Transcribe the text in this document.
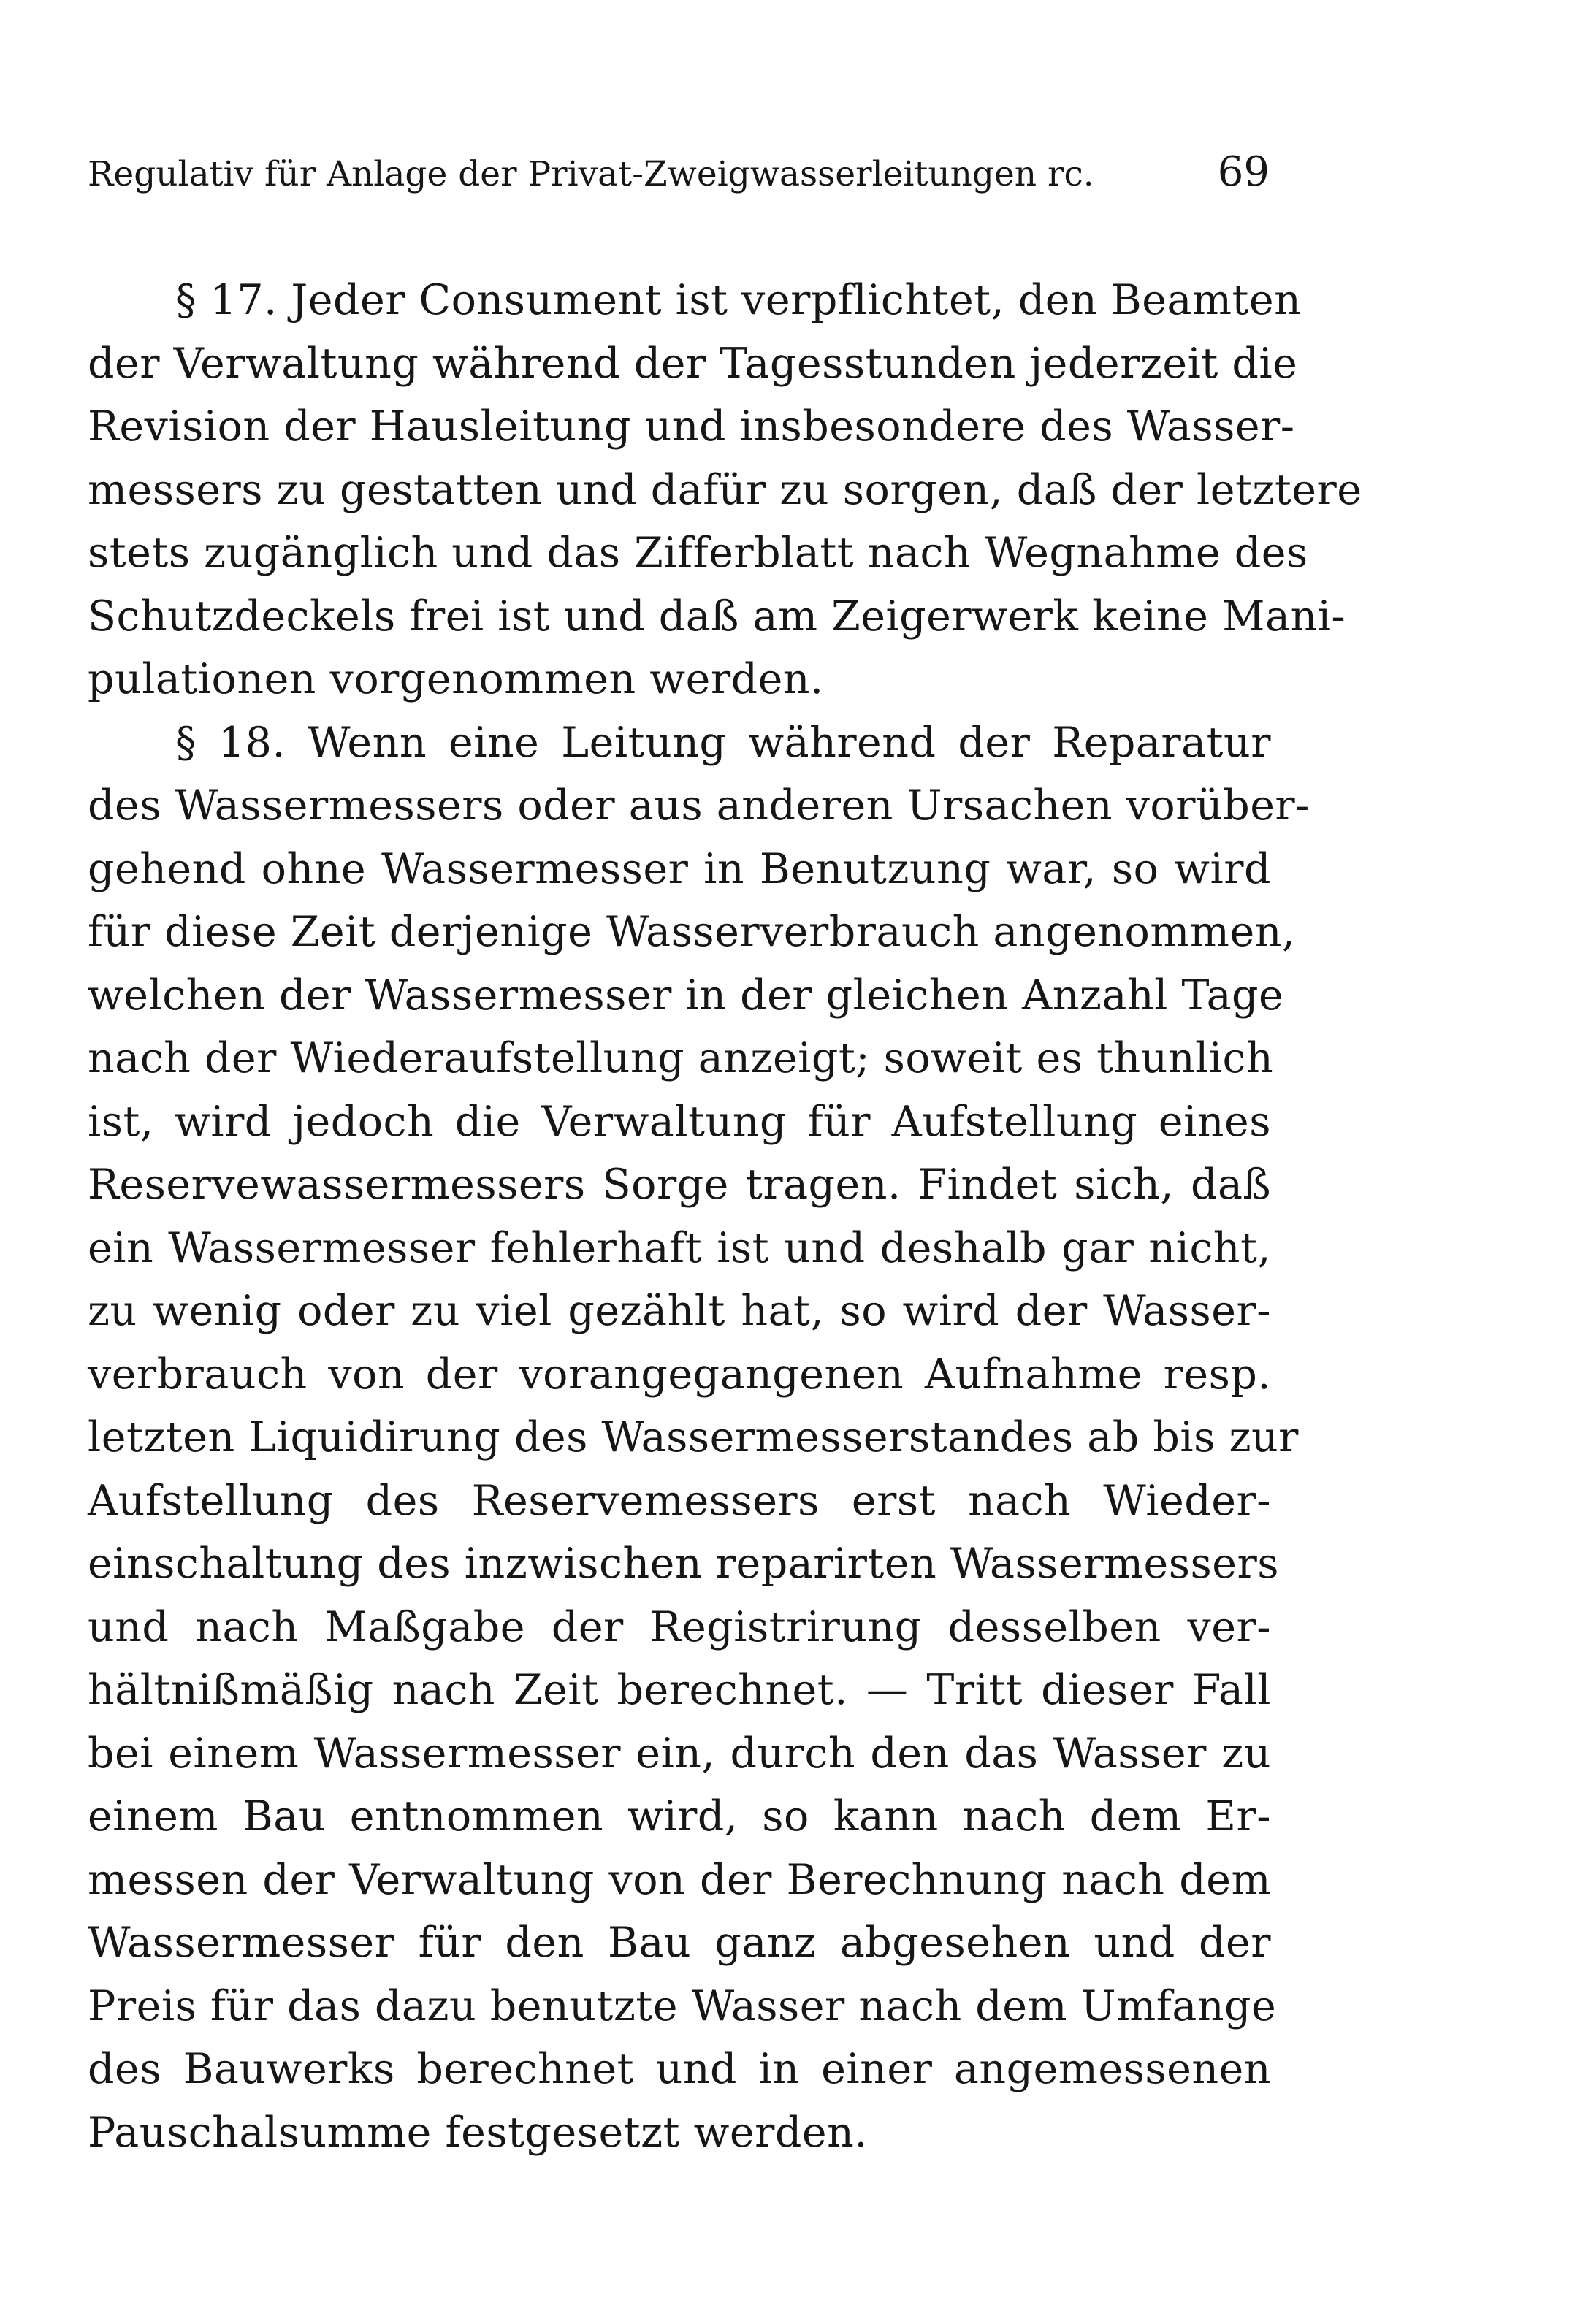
Regulativ für Anlage der Privat-Zweigwasserleitungen rc.	69
§ 17. Jeder Consument ist verpflichtet, den Beamten
der Verwaltung während der Tagesstunden jederzeit die
Revision der Hausleitung und insbesondere des Wasser-
messers zu gestatten und dafür zu sorgen, daß der letztere
stets zugänglich und das Zifferblatt nach Wegnahme des
Schutzdeckels frei ist und daß am Zeigerwerk keine Mani-
pulationen vorgenommen werden.
§ 18. Wenn eine Leitung während der Reparatur
des Wassermessers oder aus anderen Ursachen vorüber-
gehend ohne Wassermesser in Benutzung war, so wird
für diese Zeit derjenige Wasserverbrauch angenommen,
welchen der Wassermesser in der gleichen Anzahl Tage
nach der Wiederaufstellung anzeigt; soweit es thunlich
ist, wird jedoch die Verwaltung für Aufstellung eines
Reservewassermessers Sorge tragen. Findet sich, daß
ein Wassermesser fehlerhaft ist und deshalb gar nicht,
zu wenig oder zu viel gezählt hat, so wird der Wasser-
verbrauch von der vorangegangenen Aufnahme resp.
letzten Liquidirung des Wassermesserstandes ab bis zur
Aufstellung des Reservemessers erst nach Wieder-
einschaltung des inzwischen reparirten Wassermessers
und nach Maßgabe der Registrirung desselben ver-
hältnißmäßig nach Zeit berechnet. — Tritt dieser Fall
bei einem Wassermesser ein, durch den das Wasser zu
einem Bau entnommen wird, so kann nach dem Er-
messen der Verwaltung von der Berechnung nach dem
Wassermesser für den Bau ganz abgesehen und der
Preis für das dazu benutzte Wasser nach dem Umfange
des Bauwerks berechnet und in einer angemessenen
Pauschalsumme festgesetzt werden.
